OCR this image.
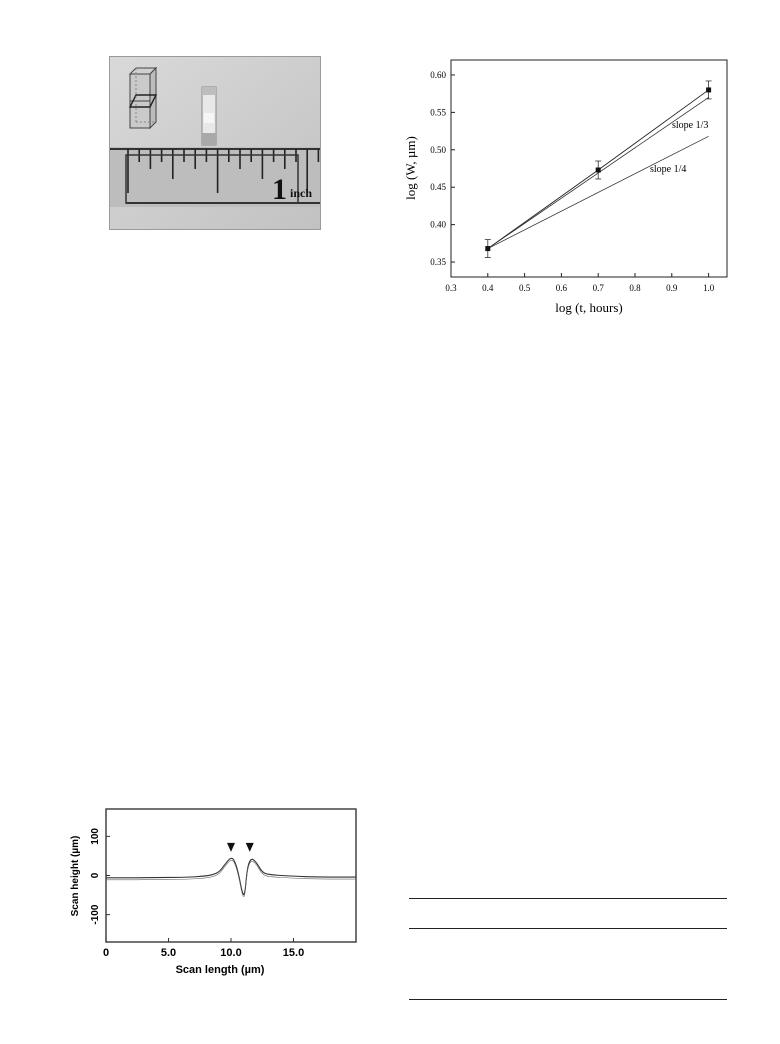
1 inch
0.3	0.4	0.5	0.6	0.7	0.8	0.9	1.0
0.35
0.40
0.45
0.50
0.55
0.60
slope 1/3
slope 1/4
log (t, hours)
log (W, µm)
0	5.0	10.0	15.0
100
0
-100
Scan length (µm)
Scan height (µm)
